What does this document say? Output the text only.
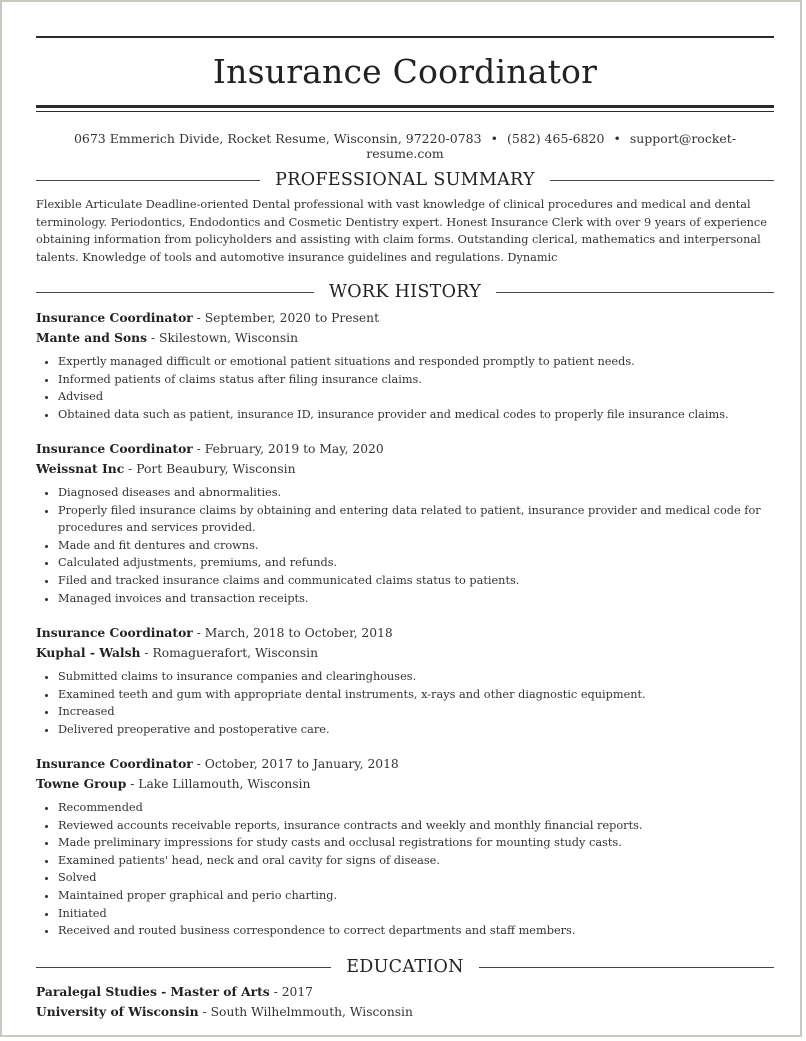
Insurance Coordinator
0673 Emmerich Divide, Rocket Resume, Wisconsin, 97220-0783 • (582) 465-6820 • support@rocket-resume.com
PROFESSIONAL SUMMARY

Flexible Articulate Deadline-oriented Dental professional with vast knowledge of clinical procedures and medical and dental terminology. Periodontics, Endodontics and Cosmetic Dentistry expert. Honest Insurance Clerk with over 9 years of experience obtaining information from policyholders and assisting with claim forms. Outstanding clerical, mathematics and interpersonal talents. Knowledge of tools and automotive insurance guidelines and regulations. Dynamic

WORK HISTORY
Insurance Coordinator - September, 2020 to Present
Mante and Sons - Skilestown, Wisconsin
• Expertly managed difficult or emotional patient situations and responded promptly to patient needs.
• Informed patients of claims status after filing insurance claims.
• Advised
• Obtained data such as patient, insurance ID, insurance provider and medical codes to properly file insurance claims.
Insurance Coordinator - February, 2019 to May, 2020
Weissnat Inc - Port Beaubury, Wisconsin
• Diagnosed diseases and abnormalities.
• Properly filed insurance claims by obtaining and entering data related to patient, insurance provider and medical code for procedures and services provided.
• Made and fit dentures and crowns.
• Calculated adjustments, premiums, and refunds.
• Filed and tracked insurance claims and communicated claims status to patients.
• Managed invoices and transaction receipts.
Insurance Coordinator - March, 2018 to October, 2018
Kuphal - Walsh - Romaguerafort, Wisconsin
• Submitted claims to insurance companies and clearinghouses.
• Examined teeth and gum with appropriate dental instruments, x-rays and other diagnostic equipment.
• Increased
• Delivered preoperative and postoperative care.
Insurance Coordinator - October, 2017 to January, 2018
Towne Group - Lake Lillamouth, Wisconsin
• Recommended
• Reviewed accounts receivable reports, insurance contracts and weekly and monthly financial reports.
• Made preliminary impressions for study casts and occlusal registrations for mounting study casts.
• Examined patients' head, neck and oral cavity for signs of disease.
• Solved
• Maintained proper graphical and perio charting.
• Initiated
• Received and routed business correspondence to correct departments and staff members.
EDUCATION
Paralegal Studies - Master of Arts - 2017
University of Wisconsin - South Wilhelmmouth, Wisconsin
